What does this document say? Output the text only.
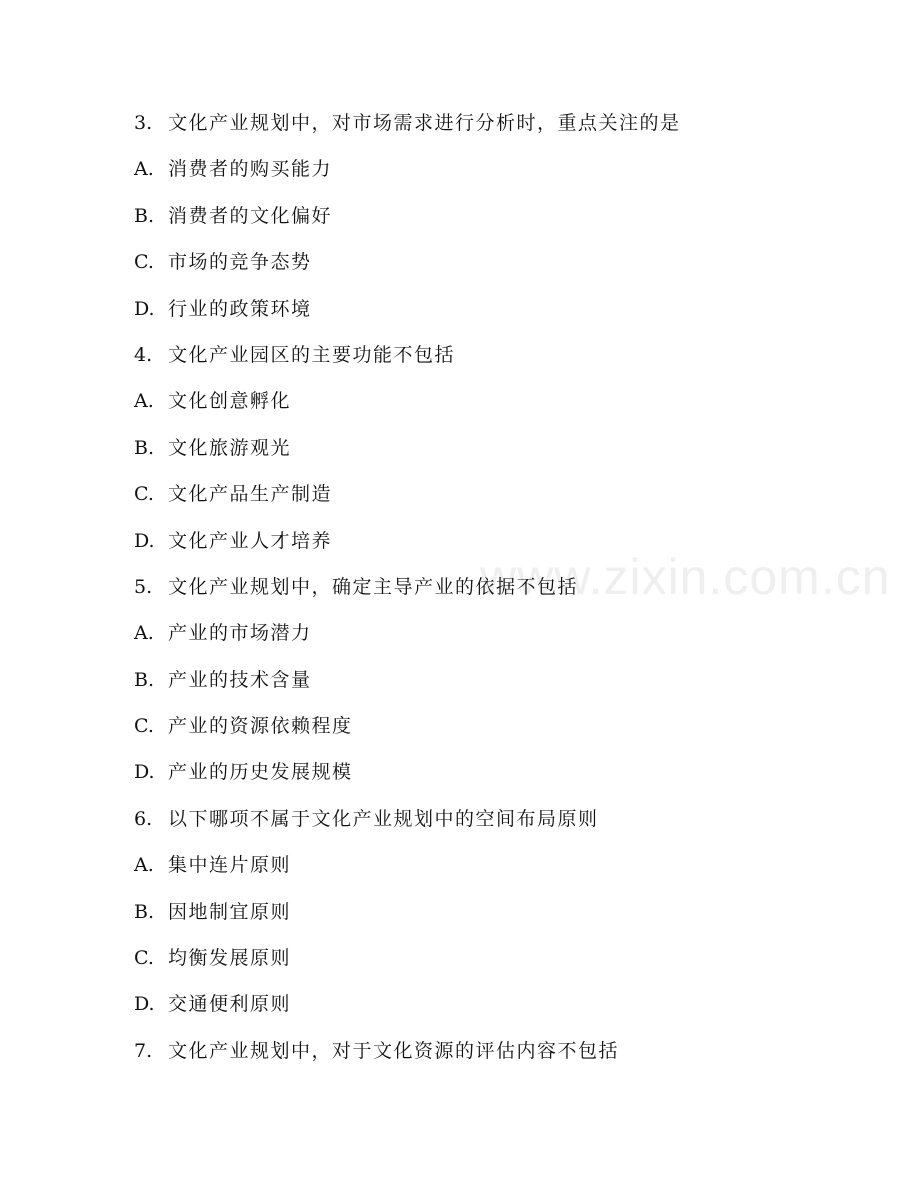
www.zixin.com.cn
3. 文化产业规划中，对市场需求进行分析时，重点关注的是
A. 消费者的购买能力
B. 消费者的文化偏好
C. 市场的竞争态势
D. 行业的政策环境
4. 文化产业园区的主要功能不包括
A. 文化创意孵化
B. 文化旅游观光
C. 文化产品生产制造
D. 文化产业人才培养
5. 文化产业规划中，确定主导产业的依据不包括
A. 产业的市场潜力
B. 产业的技术含量
C. 产业的资源依赖程度
D. 产业的历史发展规模
6. 以下哪项不属于文化产业规划中的空间布局原则
A. 集中连片原则
B. 因地制宜原则
C. 均衡发展原则
D. 交通便利原则
7. 文化产业规划中，对于文化资源的评估内容不包括
